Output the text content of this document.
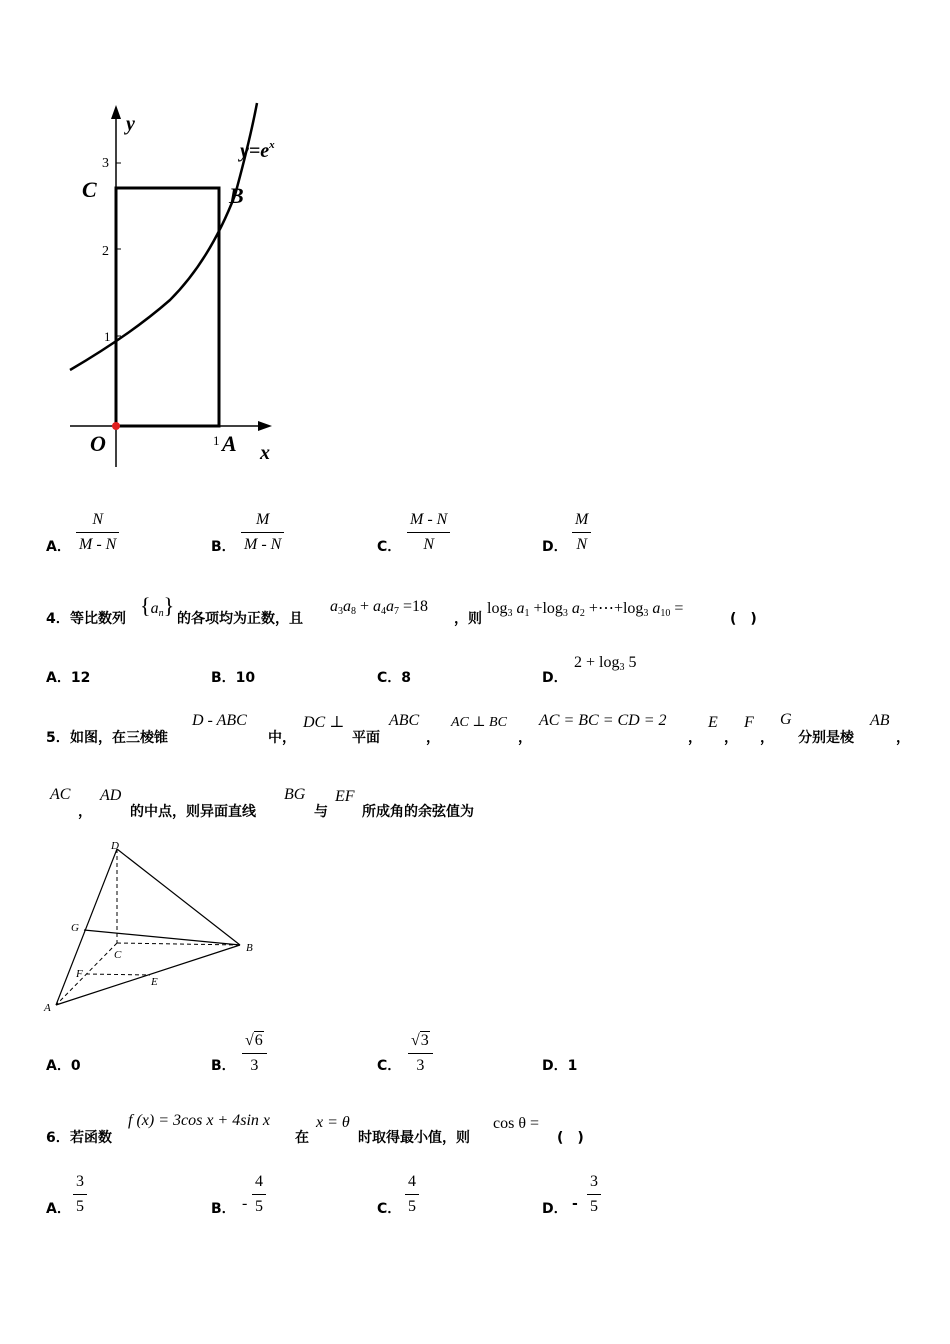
y
x
$y=e^x$
C	B
O	A
1
1
2
3
A．
N
M - N	B．
M
M - N	C．
M - N
N	D．
M
N
4． 等比数列
{an}
的各项均为正数，且
$a_3a_8 + a_4a_7 =18$
，则
$\log_3 a_1 +\log_3$ $a_2$ $+\cdots+\log_3$ $a_{10}$ =
(　)
A．12	B．10	C．8	D．
$2 + \log_3 5$
5． 如图，在三棱锥
D - ABC
中，
DC ⊥
平面
ABC
，
AC ⊥ BC
，
AC = BC = CD = 2
，
E
，
F
，
G
分别是棱
AB
，
AC
，
AD
的中点，则异面直线
BG
与
EF
所成角的余弦值为
D
G
C
B
F
E
A
A．0	B．
√6
3	C．
√3
3	D．1
6． 若函数
f (x) = 3cos x + 4sin x
在
x = θ
时取得最小值，则
cos θ =
(　)
A．
3
5	B． -
4
5	C．
4
5	D． -
3
5
